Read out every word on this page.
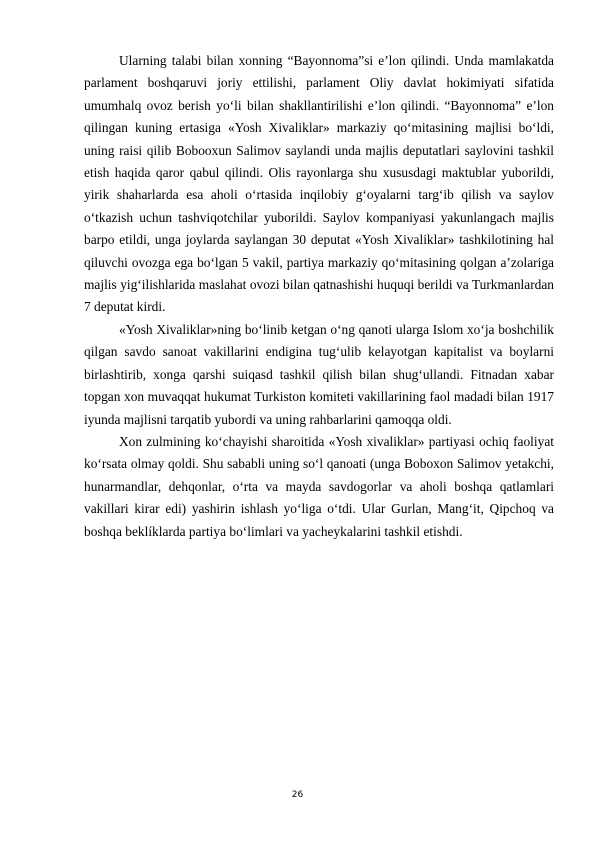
Ularning talabi bilan xonning “Bayonnoma”si e’lon qilindi. Unda mamlakatda parlament boshqaruvi joriy ettilishi, parlament Oliy davlat hokimiyati sifatida umumhalq ovoz berish yo‘li bilan shakllantirilishi e’lon qilindi. “Bayonnoma” e’lon qilingan kuning ertasiga «Yosh Xivaliklar» markaziy qo‘mitasining majlisi bo‘ldi, uning raisi qilib Bobooxun Salimov saylandi unda majlis deputatlari saylovini tashkil etish haqida qaror qabul qilindi. Olis rayonlarga shu xususdagi maktublar yuborildi, yirik shaharlarda esa aholi o‘rtasida inqilobiy g‘oyalarni targ‘ib qilish va saylov o‘tkazish uchun tashviqotchilar yuborildi. Saylov kompaniyasi yakunlangach majlis barpo etildi, unga joylarda saylangan 30 deputat «Yosh Xivaliklar» tashkilotining hal qiluvchi ovozga ega bo‘lgan 5 vakil, partiya markaziy qo‘mitasining qolgan a’zolariga majlis yig‘ilishlarida maslahat ovozi bilan qatnashishi huquqi berildi va Turkmanlardan 7 deputat kirdi.

«Yosh Xivaliklar»ning bo‘linib ketgan o‘ng qanoti ularga Islom xo‘ja boshchilik qilgan savdo sanoat vakillarini endigina tug‘ulib kelayotgan kapitalist va boylarni birlashtirib, xonga qarshi suiqasd tashkil qilish bilan shug‘ullandi. Fitnadan xabar topgan xon muvaqqat hukumat Turkiston komiteti vakillarining faol madadi bilan 1917 iyunda majlisni tarqatib yubordi va uning rahbarlarini qamoqqa oldi.

Xon zulmining ko‘chayishi sharoitida «Yosh xivaliklar» partiyasi ochiq faoliyat ko‘rsata olmay qoldi. Shu sababli uning so‘l qanoati (unga Boboxon Salimov yetakchi, hunarmandlar, dehqonlar, o‘rta va mayda savdogorlar va aholi boshqa qatlamlari vakillari kirar edi) yashirin ishlash yo‘liga o‘tdi. Ular Gurlan, Mang‘it, Qipchoq va boshqa beklíklarda partiya bo‘limlari va yacheykalarini tashkil etishdi.

26
